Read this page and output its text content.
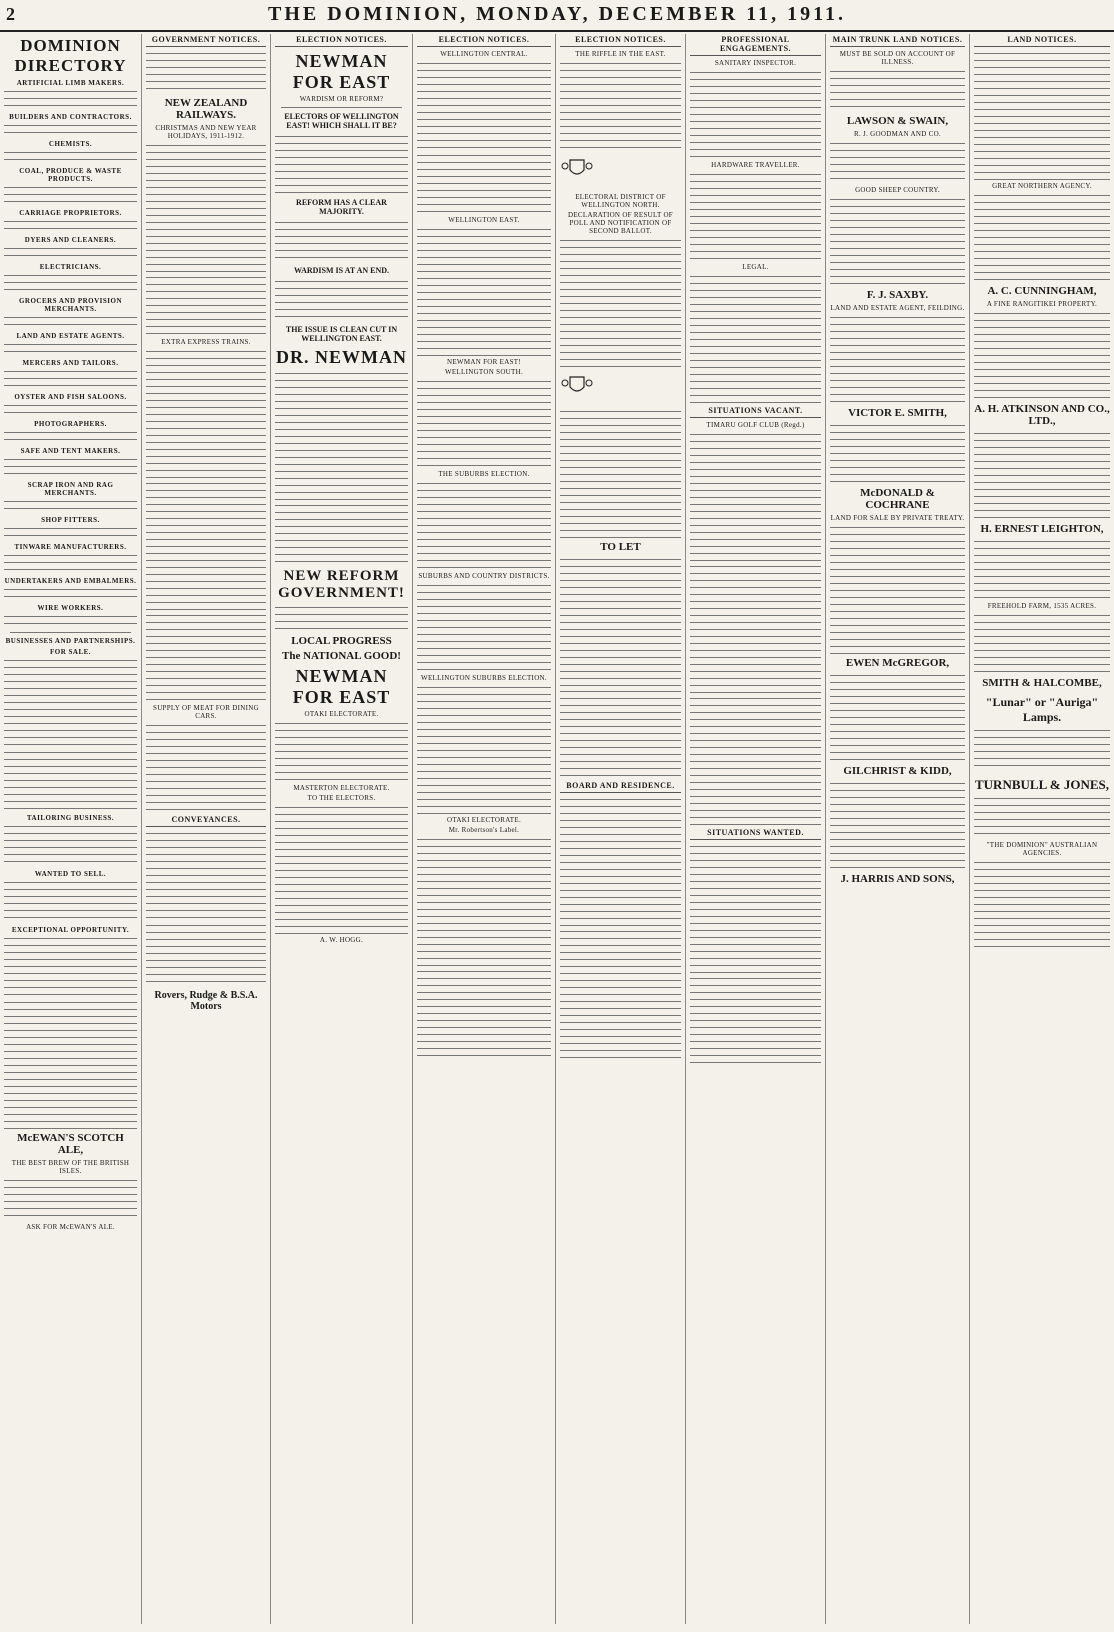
2	THE DOMINION, MONDAY, DECEMBER 11, 1911.
DOMINION DIRECTORY
ARTIFICIAL LIMB MAKERS.
BUILDERS AND CONTRACTORS.
CHEMISTS.
COAL, PRODUCE & WASTE PRODUCTS.
CARRIAGE PROPRIETORS.
DYERS AND CLEANERS.
ELECTRICIANS.
GROCERS AND PROVISION MERCHANTS.
LAND AND ESTATE AGENTS.
MERCERS AND TAILORS.
OYSTER AND FISH SALOONS.
PHOTOGRAPHERS.
SAFE AND TENT MAKERS.
SCRAP IRON AND RAG MERCHANTS.
SHOP FITTERS.
TINWARE MANUFACTURERS.
UNDERTAKERS AND EMBALMERS.
WIRE WORKERS.
BUSINESSES AND PARTNERSHIPS.
FOR SALE.
TAILORING BUSINESS.
WANTED TO SELL.
EXCEPTIONAL OPPORTUNITY.
McEWAN'S SCOTCH ALE,
THE BEST BREW OF THE BRITISH ISLES.
ASK FOR McEWAN'S ALE.
GOVERNMENT NOTICES.
NEW ZEALAND RAILWAYS.
CHRISTMAS AND NEW YEAR HOLIDAYS, 1911-1912.
EXTRA EXPRESS TRAINS.
SUPPLY OF MEAT FOR DINING CARS.
CONVEYANCES.
Rovers, Rudge & B.S.A. Motors
ELECTION NOTICES.
NEWMAN FOR EAST
WARDISM OR REFORM?
ELECTORS OF WELLINGTON EAST! WHICH SHALL IT BE?
REFORM HAS A CLEAR MAJORITY.
WARDISM IS AT AN END.
THE ISSUE IS CLEAN CUT IN WELLINGTON EAST.
DR. NEWMAN
NEW REFORM GOVERNMENT!
LOCAL PROGRESS
The NATIONAL GOOD!
NEWMAN FOR EAST
OTAKI ELECTORATE.
MASTERTON ELECTORATE.
TO THE ELECTORS.
A. W. HOGG.
ELECTION NOTICES.
WELLINGTON CENTRAL.
WELLINGTON EAST.
NEWMAN FOR EAST!
WELLINGTON SOUTH.
THE SUBURBS ELECTION.
SUBURBS AND COUNTRY DISTRICTS.
WELLINGTON SUBURBS ELECTION.
OTAKI ELECTORATE.
Mr. Robertson's Label.
ELECTION NOTICES.
THE RIFFLE IN THE EAST.
ELECTORAL DISTRICT OF WELLINGTON NORTH.
DECLARATION OF RESULT OF POLL AND NOTIFICATION OF SECOND BALLOT.
TO LET
BOARD AND RESIDENCE.
PROFESSIONAL ENGAGEMENTS.
SANITARY INSPECTOR.
HARDWARE TRAVELLER.
LEGAL.
SITUATIONS VACANT.
TIMARU GOLF CLUB (Regd.)
SITUATIONS WANTED.
MAIN TRUNK LAND NOTICES.
MUST BE SOLD ON ACCOUNT OF ILLNESS.
LAWSON & SWAIN,
R. J. GOODMAN AND CO.
GOOD SHEEP COUNTRY.
F. J. SAXBY.
LAND AND ESTATE AGENT, FEILDING.
VICTOR E. SMITH,
McDONALD & COCHRANE
LAND FOR SALE BY PRIVATE TREATY.
EWEN McGREGOR,
GILCHRIST & KIDD,
J. HARRIS AND SONS,
LAND NOTICES.
GREAT NORTHERN AGENCY.
A. C. CUNNINGHAM,
A FINE RANGITIKEI PROPERTY.
A. H. ATKINSON AND CO., LTD.,
H. ERNEST LEIGHTON,
FREEHOLD FARM, 1535 ACRES.
SMITH & HALCOMBE,
"Lunar" or "Auriga" Lamps.
TURNBULL & JONES,
"THE DOMINION" AUSTRALIAN AGENCIES.
